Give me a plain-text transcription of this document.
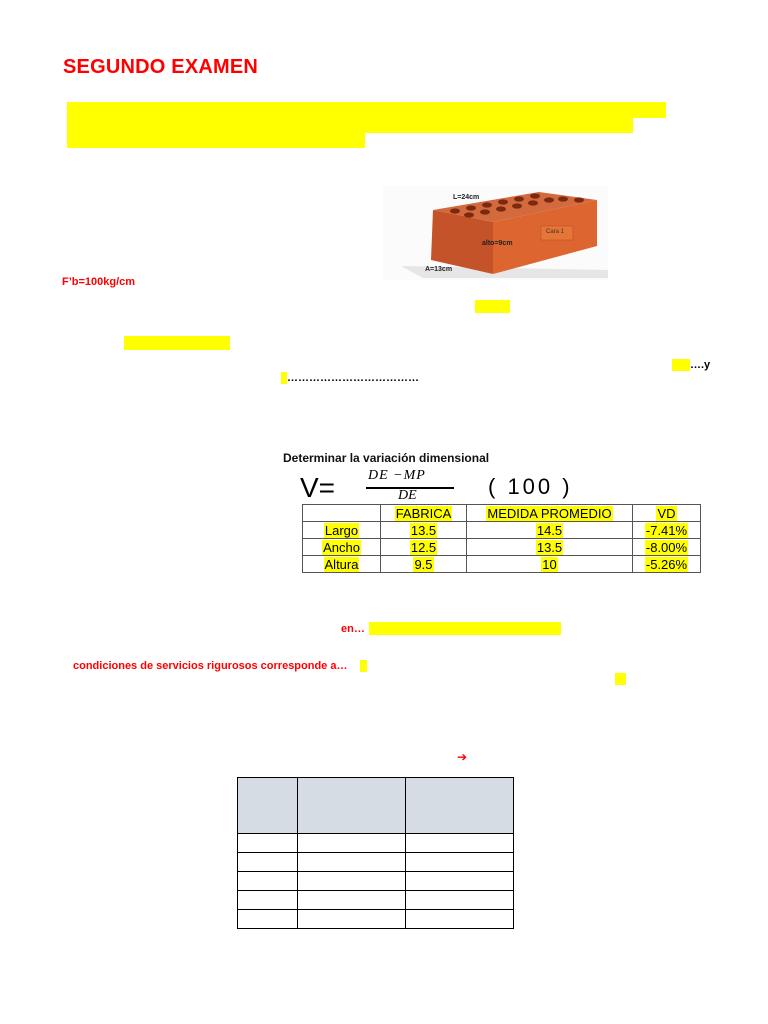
SEGUNDO EXAMEN
L=24cm
alto=9cm
A=13cm
Cara 1
F’b=100kg/cm
….y
………………………………
Determinar la variación dimensional
V= DE −MP
DE	( 100 )
	FABRICA	MEDIDA PROMEDIO	VD
Largo	13.5	14.5	-7.41%
Ancho	12.5	13.5	-8.00%
Altura	9.5	10	-5.26%
en…
condiciones de servicios rigurosos corresponde a…
➔
